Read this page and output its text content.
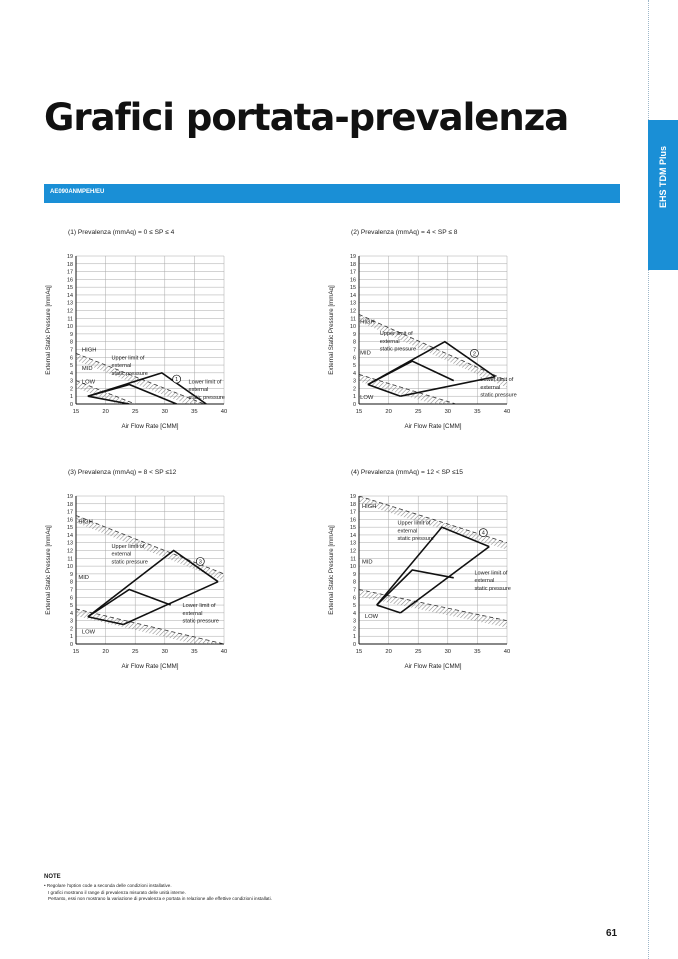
Grafici portata-prevalenza
EHS TDM Plus
AE090ANMPEH/EU
(1) Prevalenza (mmAq) = 0 ≤ SP ≤ 4
0
1
2
3
4
5
6
7
8
9
10
11
12
13
14
15
16
17
18
19
15	20	25	30	35	40
Air Flow Rate [CMM]
External Static Pressure [mmAq]	HIGH
MID
LOW
Upper limit of
external
static pressure
Lower limit of
external
static pressure
1
(2) Prevalenza (mmAq) = 4 < SP ≤ 8
0
1
2
3
4
5
6
7
8
9
10
11
12
13
14
15
16
17
18
19
15	20	25	30	35	40
Air Flow Rate [CMM]
External Static Pressure [mmAq]	HIGH
MID
LOW
Upper limit of
external
static pressure
Lower limit of
external
static pressure
2
(3) Prevalenza (mmAq) = 8 < SP ≤12
0
1
2
3
4
5
6
7
8
9
10
11
12
13
14
15
16
17
18
19
15	20	25	30	35	40
Air Flow Rate [CMM]
External Static Pressure [mmAq]
HIGH
MID
LOW
Upper limit of
external
static pressure
Lower limit of
external
static pressure
3
(4) Prevalenza (mmAq) = 12 < SP ≤15
0
1
2
3
4
5
6
7
8
9
10
11
12
13
14
15
16
17
18
19
15	20	25	30	35	40
Air Flow Rate [CMM]
External Static Pressure [mmAq]
HIGH
MID
LOW
Upper limit of
external
static pressure
Lower limit of
external
static pressure
4
NOTE
• Regolare l'option code a seconda delle condizioni installative.
I grafici mostrano il range di prevalenza misurato delle unità interne.
Pertanto, essi non mostrano la variazione di prevalenza e portata in relazione alle effettive condizioni installati.
61
